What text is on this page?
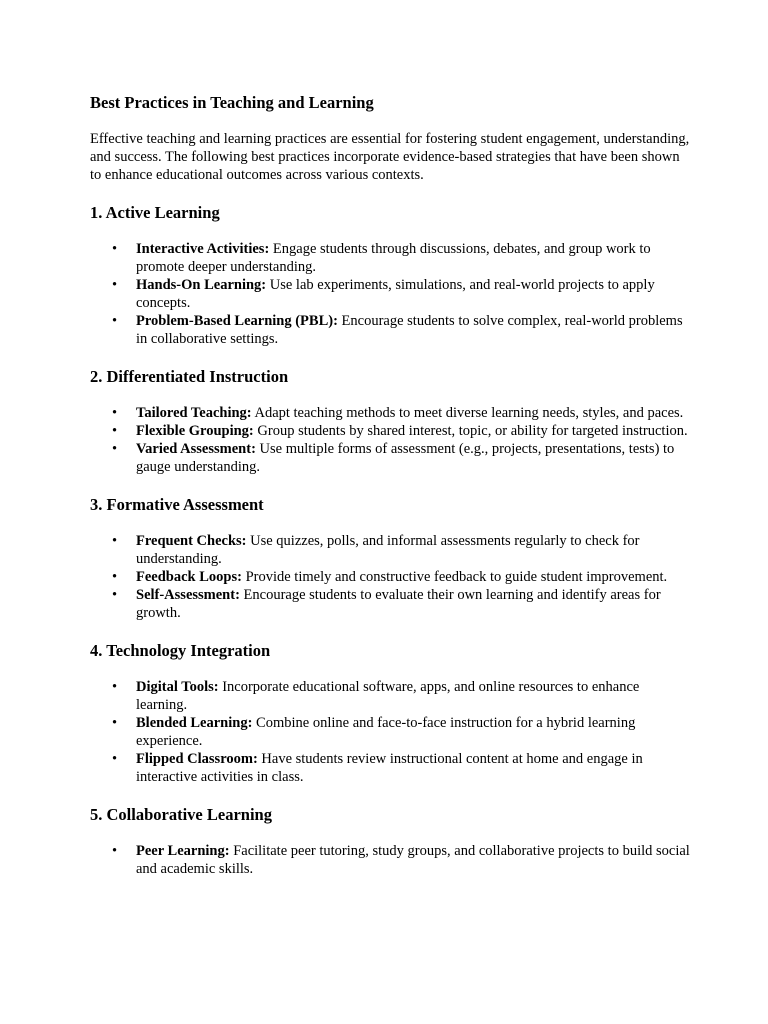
Best Practices in Teaching and Learning

Effective teaching and learning practices are essential for fostering student engagement, understanding, and success. The following best practices incorporate evidence-based strategies that have been shown to enhance educational outcomes across various contexts.

1. Active Learning
• Interactive Activities: Engage students through discussions, debates, and group work to promote deeper understanding.
• Hands-On Learning: Use lab experiments, simulations, and real-world projects to apply concepts.
• Problem-Based Learning (PBL): Encourage students to solve complex, real-world problems in collaborative settings.
2. Differentiated Instruction
• Tailored Teaching: Adapt teaching methods to meet diverse learning needs, styles, and paces.
• Flexible Grouping: Group students by shared interest, topic, or ability for targeted instruction.
• Varied Assessment: Use multiple forms of assessment (e.g., projects, presentations, tests) to gauge understanding.
3. Formative Assessment
• Frequent Checks: Use quizzes, polls, and informal assessments regularly to check for understanding.
• Feedback Loops: Provide timely and constructive feedback to guide student improvement.
• Self-Assessment: Encourage students to evaluate their own learning and identify areas for growth.
4. Technology Integration
• Digital Tools: Incorporate educational software, apps, and online resources to enhance learning.
• Blended Learning: Combine online and face-to-face instruction for a hybrid learning experience.
• Flipped Classroom: Have students review instructional content at home and engage in interactive activities in class.
5. Collaborative Learning
• Peer Learning: Facilitate peer tutoring, study groups, and collaborative projects to build social and academic skills.
